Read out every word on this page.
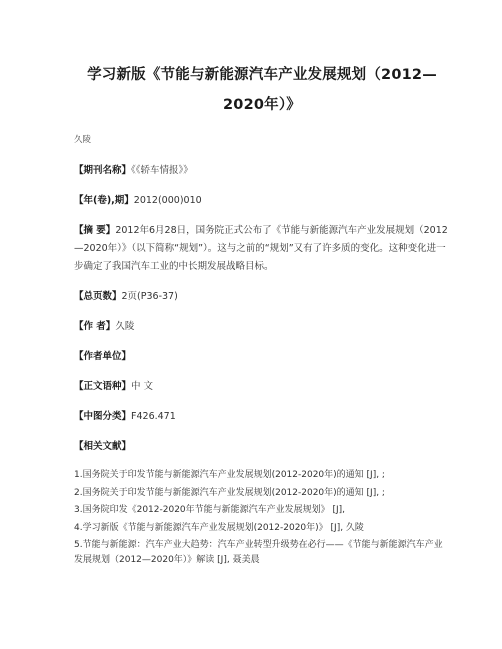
学习新版《节能与新能源汽车产业发展规划（2012—2020年）》
久陵
【期刊名称】《《轿车情报》》
【年(卷),期】2012(000)010
【摘 要】2012年6月28日，国务院正式公布了《节能与新能源汽车产业发展规划（2012—2020年）》（以下简称“规划”）。这与之前的“规划”又有了许多质的变化。这种变化进一步确定了我国汽车工业的中长期发展战略目标。
【总页数】2页(P36-37)
【作 者】久陵
【作者单位】
【正文语种】中 文
【中图分类】F426.471
【相关文献】
1.国务院关于印发节能与新能源汽车产业发展规划(2012-2020年)的通知 [J], ;
2.国务院关于印发节能与新能源汽车产业发展规划(2012-2020年)的通知 [J], ;
3.国务院印发《2012-2020年节能与新能源汽车产业发展规划》 [J],
4.学习新版《节能与新能源汽车产业发展规划(2012-2020年)》 [J], 久陵
5.节能与新能源：汽车产业大趋势：汽车产业转型升级势在必行——《节能与新能源汽车产业发展规划（2012—2020年）》解读 [J], 聂美晨
